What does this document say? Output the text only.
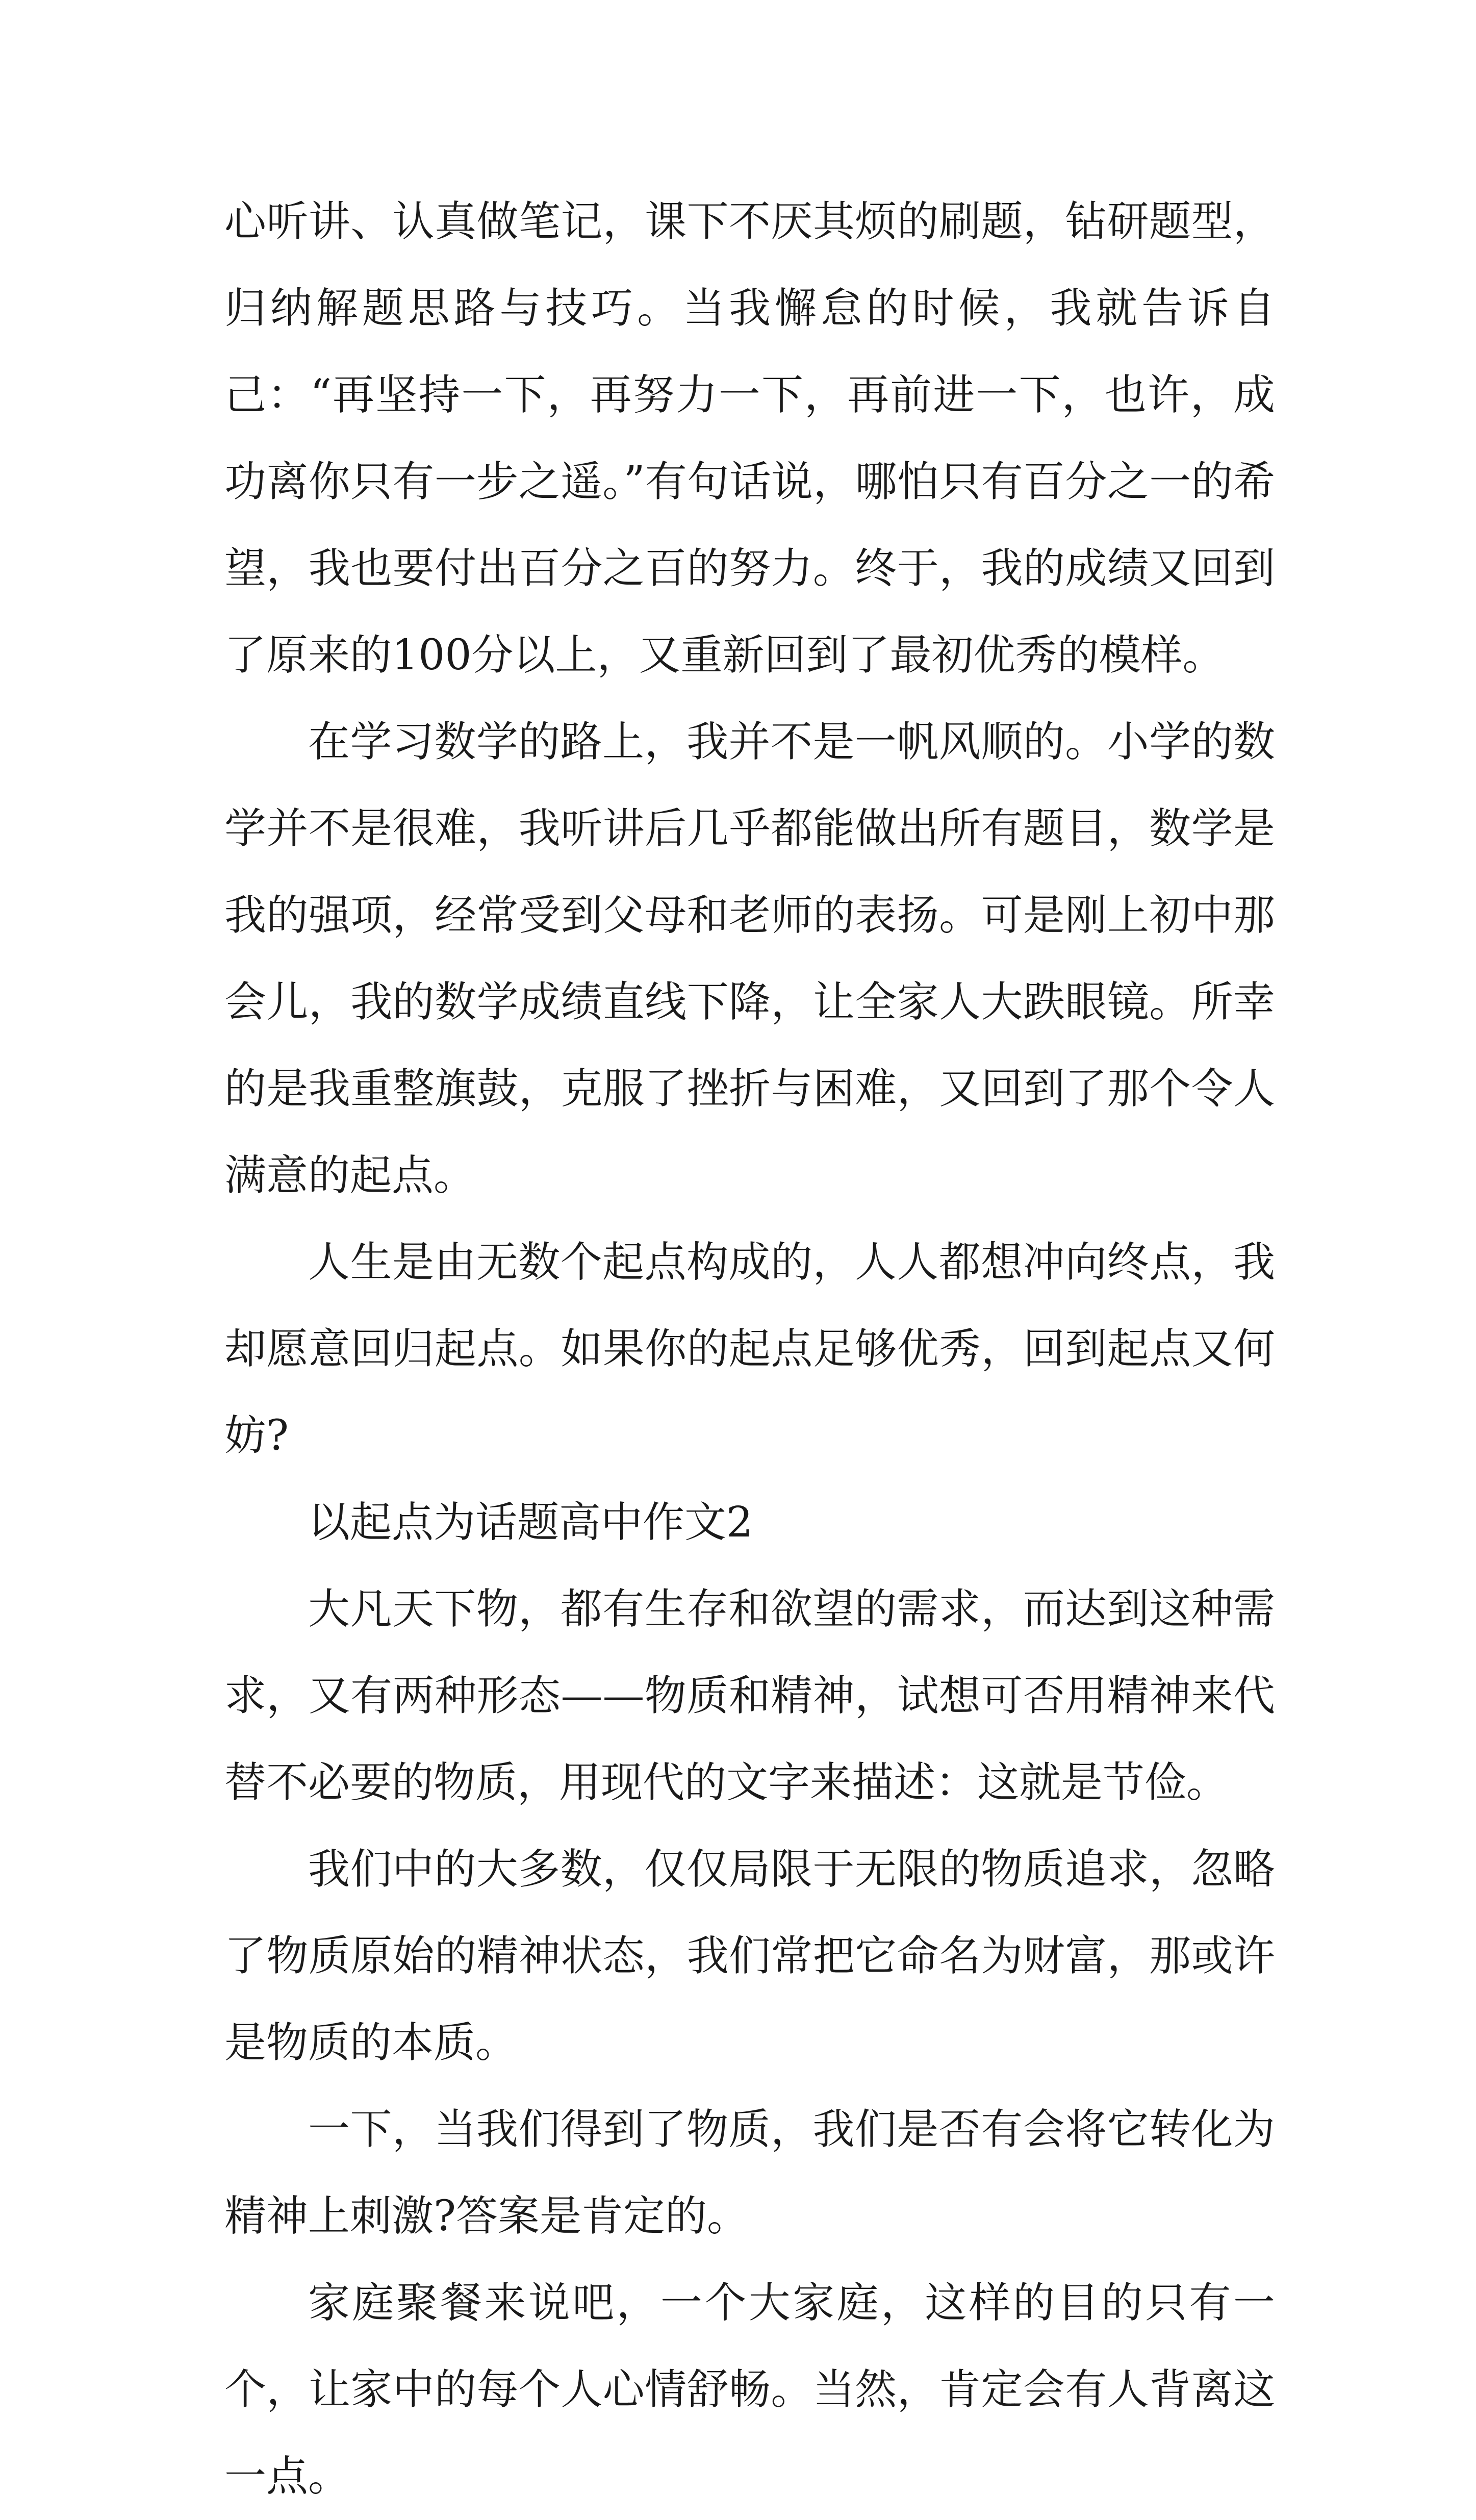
心听讲、认真做笔记，课下不厌其烦的刷题，钻研题型，归纳解题思路与技巧。当我懈怠的时候，我就告诉自己：“再坚持一下，再努力一下，再前进一下，也许，成功离你只有一步之遥。”有句话说，哪怕只有百分之一的希望，我也要付出百分之百的努力。终于，我的成绩又回到了原来的100分以上，又重新回到了最初优秀的模样。

在学习数学的路上，我并不是一帆风顺的。小学的数学并不是很难，我听讲后几乎都能做出所有题目，数学是我的强项，经常受到父母和老师的表扬。可是刚上初中那会儿，我的数学成绩直线下降，让全家人大跌眼镜。所幸的是我重整旗鼓，克服了挫折与困难，又回到了那个令人满意的起点。

人生是由无数个起点构成的，人人都想冲向终点，我却愿意回归起点。如果你的起点足够优秀，回到起点又何妨?

以起点为话题高中作文2

大凡天下物，都有生存和欲望的需求，而达到这种需求，又有两种形态——物质和精神，试想可否用精神来代替不必要的物质，用现代的文字来描述：这就是节俭。

我们中的大多数，仅仅局限于无限的物质追求，忽略了物质原始的精神状态，我们常把它命名为财富，那或许是物质的本质。

一下，当我们得到了物质，我们是否有会将它转化为精神上刺激?答案是肯定的。

家庭聚餐来说吧，一个大家庭，这样的目的只有一个，让家中的每个人心情舒畅。当然，肯定会有人背离这一点。
